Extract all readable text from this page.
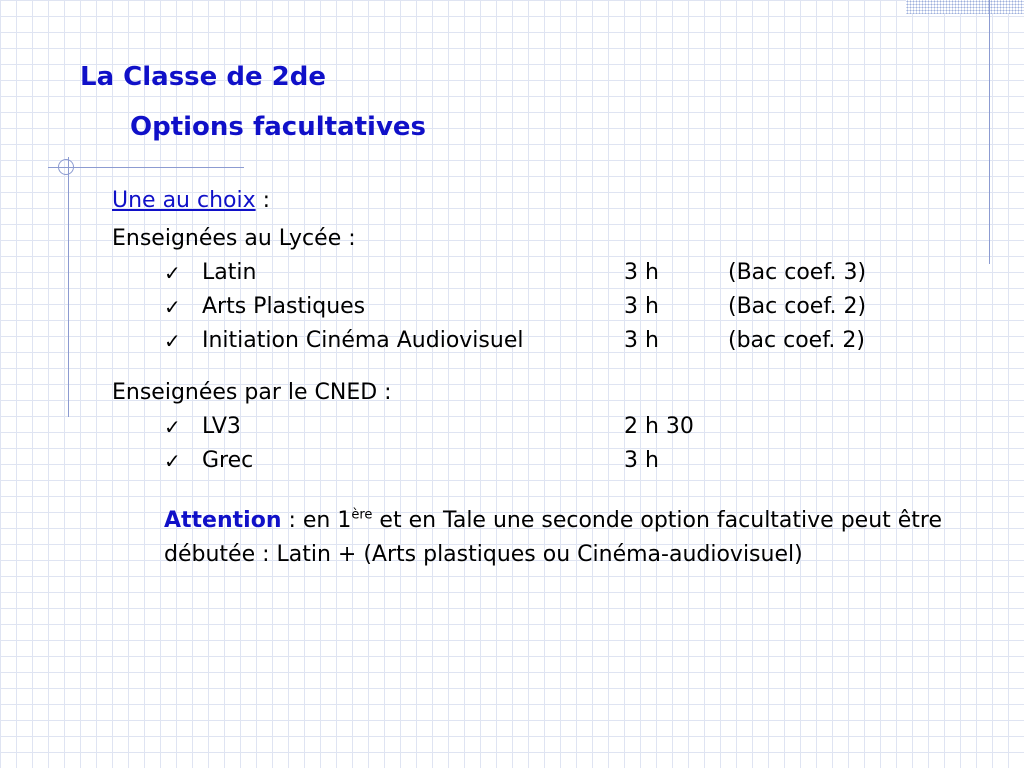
La Classe de 2de
Options facultatives
Une au choix :
Enseignées au Lycée :
✓ Latin	3 h	(Bac coef. 3)
✓ Arts Plastiques	3 h	(Bac coef. 2)
✓ Initiation Cinéma Audiovisuel	3 h	(bac coef. 2)
Enseignées par le CNED :
✓ LV3	2 h 30
✓ Grec	3 h
Attention : en 1ère et en Tale une seconde option facultative peut être débutée : Latin + (Arts plastiques ou Cinéma-audiovisuel)
